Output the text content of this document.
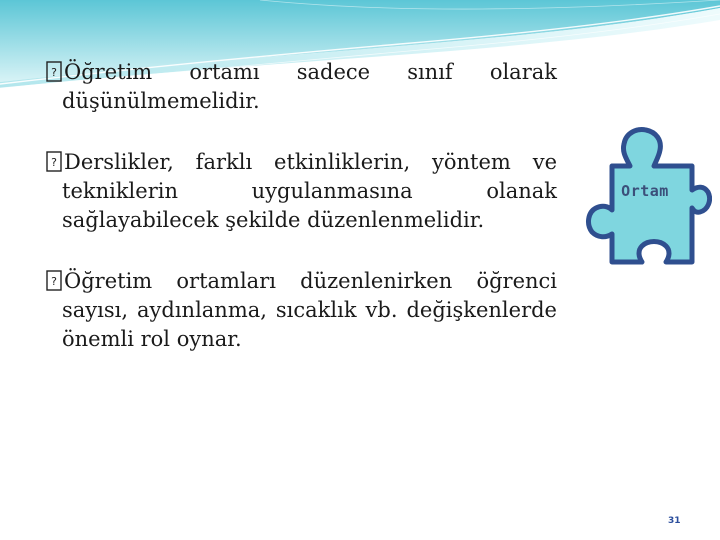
? Öğretim ortamı sadece sınıf olarak düşünülmemelidir.
? Derslikler, farklı etkinliklerin, yöntem ve tekniklerin uygulanmasına olanak sağlayabilecek şekilde düzenlenmelidir.
? Öğretim ortamları düzenlenirken öğrenci sayısı, aydınlanma, sıcaklık vb. değişkenlerde önemli rol oynar.
Ortam
31
